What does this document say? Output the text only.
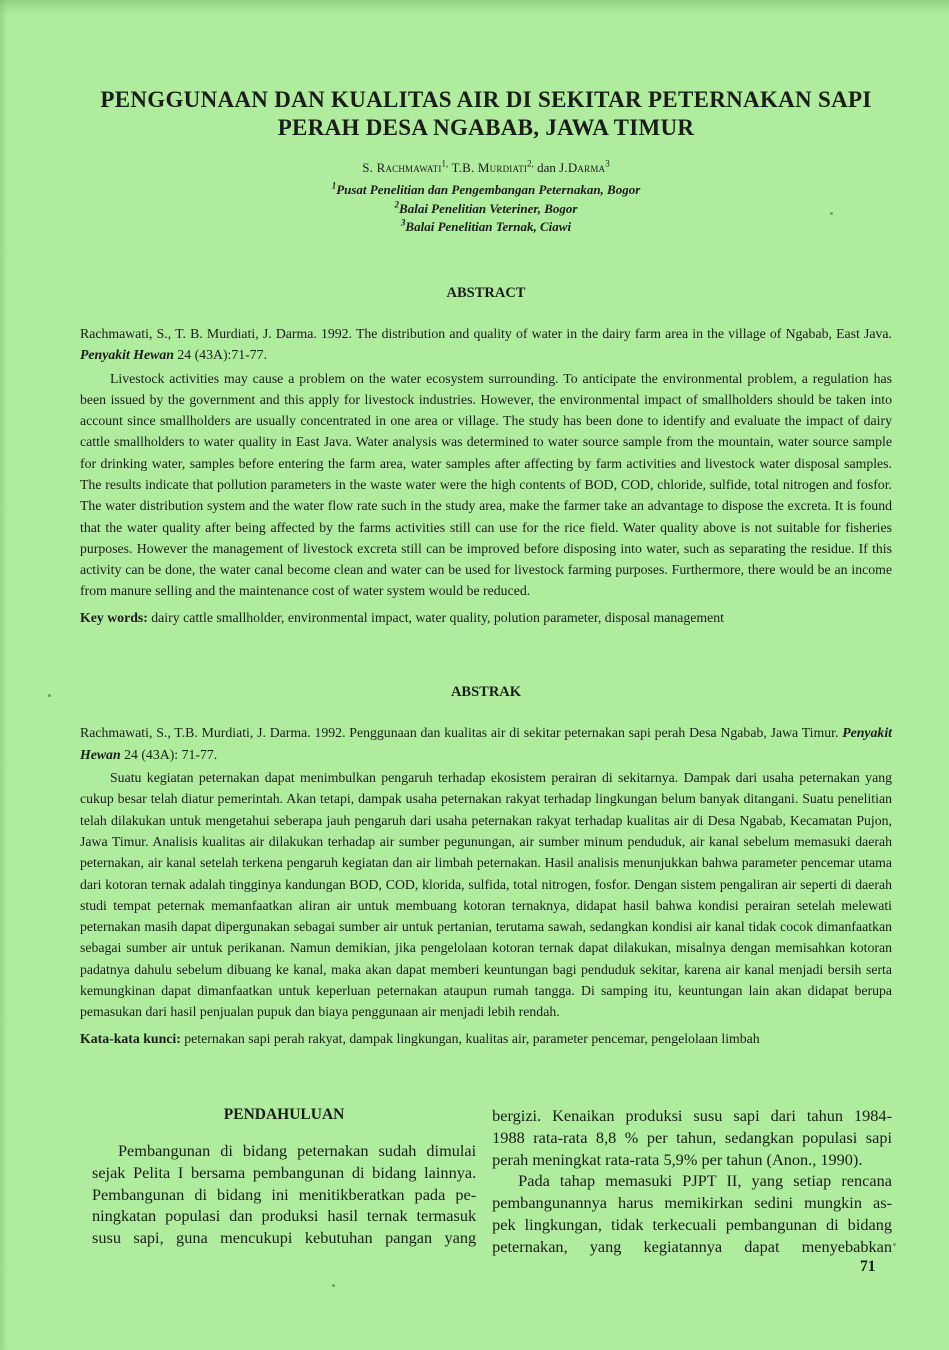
PENGGUNAAN DAN KUALITAS AIR DI SEKITAR PETERNAKAN SAPI
PERAH DESA NGABAB, JAWA TIMUR
S. Rachmawati$^{1,}$ T.B. Murdiati$^{2,}$ dan J.Darma$^3$
$^1$Pusat Penelitian dan Pengembangan Peternakan, Bogor
$^2$Balai Penelitian Veteriner, Bogor
$^3$Balai Penelitian Ternak, Ciawi
ABSTRACT
Rachmawati, S., T. B. Murdiati, J. Darma. 1992. The distribution and quality of water in the dairy farm area in the village of Ngabab, East Java. Penyakit Hewan 24 (43A):71-77.
Livestock activities may cause a problem on the water ecosystem surrounding. To anticipate the environmental problem, a regulation has been issued by the government and this apply for livestock industries. However, the environmental impact of smallholders should be taken into account since smallholders are usually concentrated in one area or village. The study has been done to identify and evaluate the impact of dairy cattle smallholders to water quality in East Java. Water analysis was determined to water source sample from the mountain, water source sample for drinking water, samples before entering the farm area, water samples after affecting by farm activities and livestock water disposal samples. The results indicate that pollution parameters in the waste water were the high contents of BOD, COD, chloride, sulfide, total nitrogen and fosfor. The water distribution system and the water flow rate such in the study area, make the farmer take an advantage to dispose the excreta. It is found that the water quality after being affected by the farms activities still can use for the rice field. Water quality above is not suitable for fisheries purposes. However the management of livestock excreta still can be improved before disposing into water, such as separating the residue. If this activity can be done, the water canal become clean and water can be used for livestock farming purposes. Furthermore, there would be an income from manure selling and the maintenance cost of water system would be reduced.
Key words: dairy cattle smallholder, environmental impact, water quality, polution parameter, disposal management
ABSTRAK
Rachmawati, S., T.B. Murdiati, J. Darma. 1992. Penggunaan dan kualitas air di sekitar peternakan sapi perah Desa Ngabab, Jawa Timur. Penyakit Hewan 24 (43A): 71-77.
Suatu kegiatan peternakan dapat menimbulkan pengaruh terhadap ekosistem perairan di sekitarnya. Dampak dari usaha peternakan yang cukup besar telah diatur pemerintah. Akan tetapi, dampak usaha peternakan rakyat terhadap lingkungan belum banyak ditangani. Suatu penelitian telah dilakukan untuk mengetahui seberapa jauh pengaruh dari usaha peternakan rakyat terhadap kualitas air di Desa Ngabab, Kecamatan Pujon, Jawa Timur. Analisis kualitas air dilakukan terhadap air sumber pegunungan, air sumber minum penduduk, air kanal sebelum memasuki daerah peternakan, air kanal setelah terkena pengaruh kegiatan dan air limbah peternakan. Hasil analisis menunjukkan bahwa parameter pencemar utama dari kotoran ternak adalah tingginya kandungan BOD, COD, klorida, sulfida, total nitrogen, fosfor. Dengan sistem pengaliran air seperti di daerah studi tempat peternak memanfaatkan aliran air untuk membuang kotoran ternaknya, didapat hasil bahwa kondisi perairan setelah melewati peternakan masih dapat dipergunakan sebagai sumber air untuk pertanian, terutama sawah, sedangkan kondisi air kanal tidak cocok dimanfaatkan sebagai sumber air untuk perikanan. Namun demikian, jika pengelolaan kotoran ternak dapat dilakukan, misalnya dengan memisahkan kotoran padatnya dahulu sebelum dibuang ke kanal, maka akan dapat memberi keuntungan bagi penduduk sekitar, karena air kanal menjadi bersih serta kemungkinan dapat dimanfaatkan untuk keperluan peternakan ataupun rumah tangga. Di samping itu, keuntungan lain akan didapat berupa pemasukan dari hasil penjualan pupuk dan biaya penggunaan air menjadi lebih rendah.
Kata-kata kunci: peternakan sapi perah rakyat, dampak lingkungan, kualitas air, parameter pencemar, pengelolaan limbah
PENDAHULUAN
Pembangunan di bidang peternakan sudah dimulai
sejak Pelita I bersama pembangunan di bidang lainnya.
Pembangunan di bidang ini menitikberatkan pada pe-
ningkatan populasi dan produksi hasil ternak termasuk
susu sapi, guna mencukupi kebutuhan pangan yang
bergizi. Kenaikan produksi susu sapi dari tahun 1984-
1988 rata-rata 8,8 % per tahun, sedangkan populasi sapi
perah meningkat rata-rata 5,9% per tahun (Anon., 1990).
Pada tahap memasuki PJPT II, yang setiap rencana
pembangunannya harus memikirkan sedini mungkin as-
pek lingkungan, tidak terkecuali pembangunan di bidang
peternakan, yang kegiatannya dapat menyebabkan
71
